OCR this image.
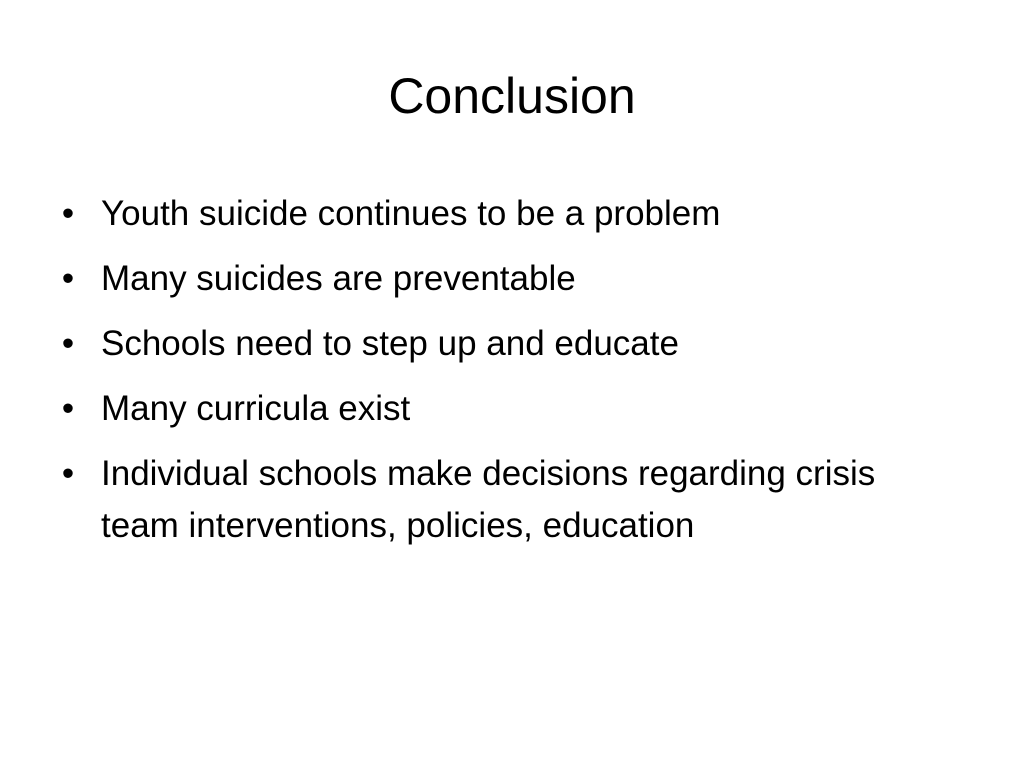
Conclusion
• Youth suicide continues to be a problem
• Many suicides are preventable
• Schools need to step up and educate
• Many curricula exist
• Individual schools make decisions regarding crisis team interventions, policies, education
